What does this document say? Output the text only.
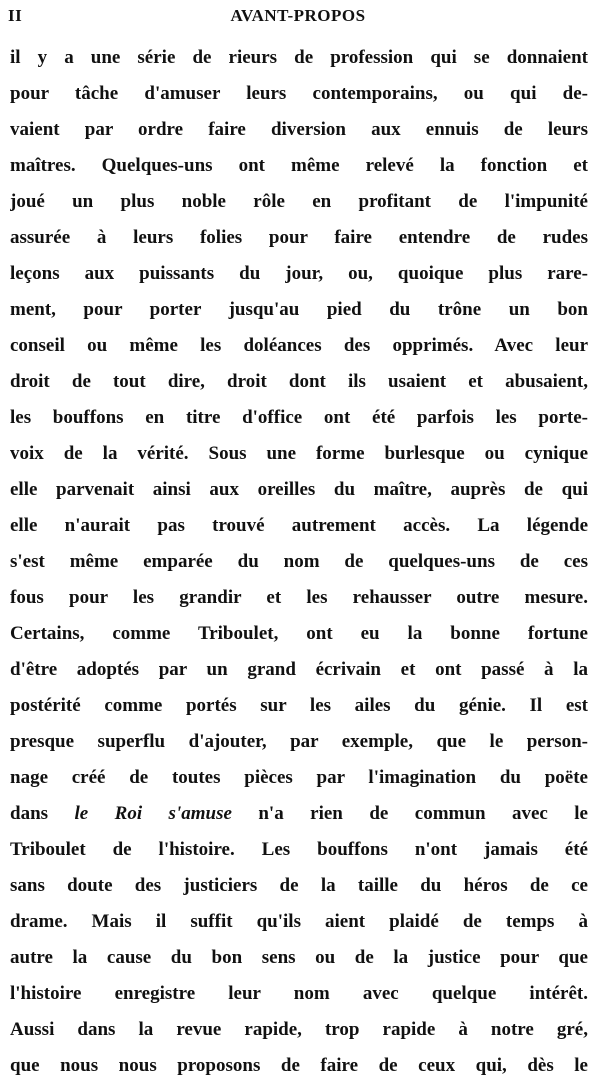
II	AVANT-PROPOS
il y a une série de rieurs de profession qui se donnaient
pour tâche d'amuser leurs contemporains, ou qui de-
vaient par ordre faire diversion aux ennuis de leurs
maîtres. Quelques-uns ont même relevé la fonction et
joué un plus noble rôle en profitant de l'impunité
assurée à leurs folies pour faire entendre de rudes
leçons aux puissants du jour, ou, quoique plus rare-
ment, pour porter jusqu'au pied du trône un bon
conseil ou même les doléances des opprimés. Avec leur
droit de tout dire, droit dont ils usaient et abusaient,
les bouffons en titre d'office ont été parfois les porte-
voix de la vérité. Sous une forme burlesque ou cynique
elle parvenait ainsi aux oreilles du maître, auprès de qui
elle n'aurait pas trouvé autrement accès. La légende
s'est même emparée du nom de quelques-uns de ces
fous pour les grandir et les rehausser outre mesure.
Certains, comme Triboulet, ont eu la bonne fortune
d'être adoptés par un grand écrivain et ont passé à la
postérité comme portés sur les ailes du génie. Il est
presque superflu d'ajouter, par exemple, que le person-
nage créé de toutes pièces par l'imagination du poëte
dans le Roi s'amuse n'a rien de commun avec le
Triboulet de l'histoire. Les bouffons n'ont jamais été
sans doute des justiciers de la taille du héros de ce
drame. Mais il suffit qu'ils aient plaidé de temps à
autre la cause du bon sens ou de la justice pour que
l'histoire enregistre leur nom avec quelque intérêt.
Aussi dans la revue rapide, trop rapide à notre gré,
que nous nous proposons de faire de ceux qui, dès le
